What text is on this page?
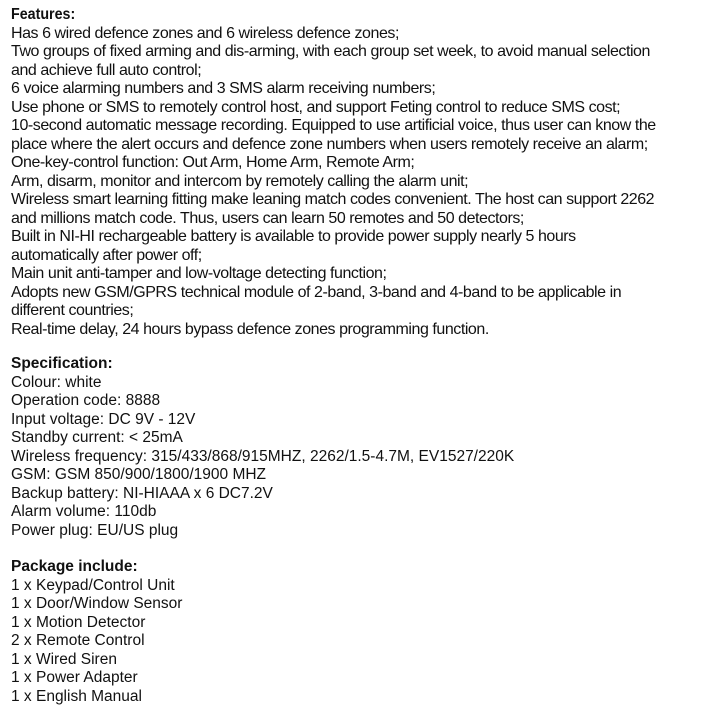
Features:
Has 6 wired defence zones and 6 wireless defence zones;
Two groups of fixed arming and dis-arming, with each group set week, to avoid manual selection
and achieve full auto control;
6 voice alarming numbers and 3 SMS alarm receiving numbers;
Use phone or SMS to remotely control host, and support Feting control to reduce SMS cost;
10-second automatic message recording. Equipped to use artificial voice, thus user can know the
place where the alert occurs and defence zone numbers when users remotely receive an alarm;
One-key-control function: Out Arm, Home Arm, Remote Arm;
Arm, disarm, monitor and intercom by remotely calling the alarm unit;
Wireless smart learning fitting make leaning match codes convenient. The host can support 2262
and millions match code. Thus, users can learn 50 remotes and 50 detectors;
Built in NI-HI rechargeable battery is available to provide power supply nearly 5 hours
automatically after power off;
Main unit anti-tamper and low-voltage detecting function;
Adopts new GSM/GPRS technical module of 2-band, 3-band and 4-band to be applicable in
different countries;
Real-time delay, 24 hours bypass defence zones programming function.
Specification:
Colour: white
Operation code: 8888
Input voltage: DC 9V - 12V
Standby current: < 25mA
Wireless frequency: 315/433/868/915MHZ, 2262/1.5-4.7M, EV1527/220K
GSM: GSM 850/900/1800/1900 MHZ
Backup battery: NI-HIAAA x 6 DC7.2V
Alarm volume: 110db
Power plug: EU/US plug
Package include:
1 x Keypad/Control Unit
1 x Door/Window Sensor
1 x Motion Detector
2 x Remote Control
1 x Wired Siren
1 x Power Adapter
1 x English Manual
